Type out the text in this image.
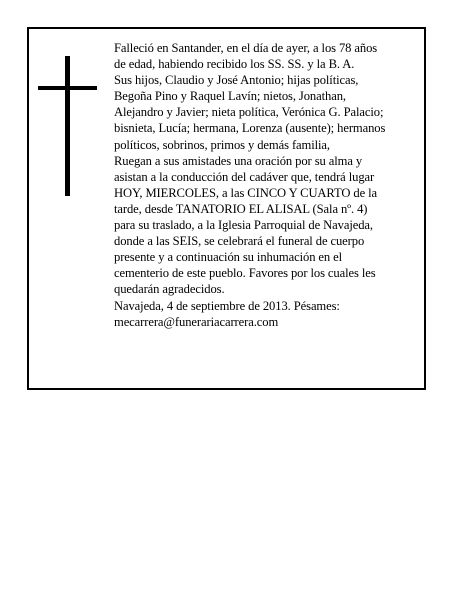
Falleció en Santander, en el día de ayer, a los 78 años
de edad, habiendo recibido los SS. SS. y la B. A.
Sus hijos, Claudio y José Antonio; hijas políticas,
Begoña Pino y Raquel Lavín; nietos, Jonathan,
Alejandro y Javier; nieta política, Verónica G. Palacio;
bisnieta, Lucía; hermana, Lorenza (ausente); hermanos
políticos, sobrinos, primos y demás familia,
Ruegan a sus amistades una oración por su alma y
asistan a la conducción del cadáver que, tendrá lugar
HOY, MIERCOLES, a las CINCO Y CUARTO de la
tarde, desde TANATORIO EL ALISAL (Sala nº. 4)
para su traslado, a la Iglesia Parroquial de Navajeda,
donde a las SEIS, se celebrará el funeral de cuerpo
presente y a continuación su inhumación en el
cementerio de este pueblo. Favores por los cuales les
quedarán agradecidos.
Navajeda, 4 de septiembre de 2013. Pésames:
mecarrera@funerariacarrera.com
